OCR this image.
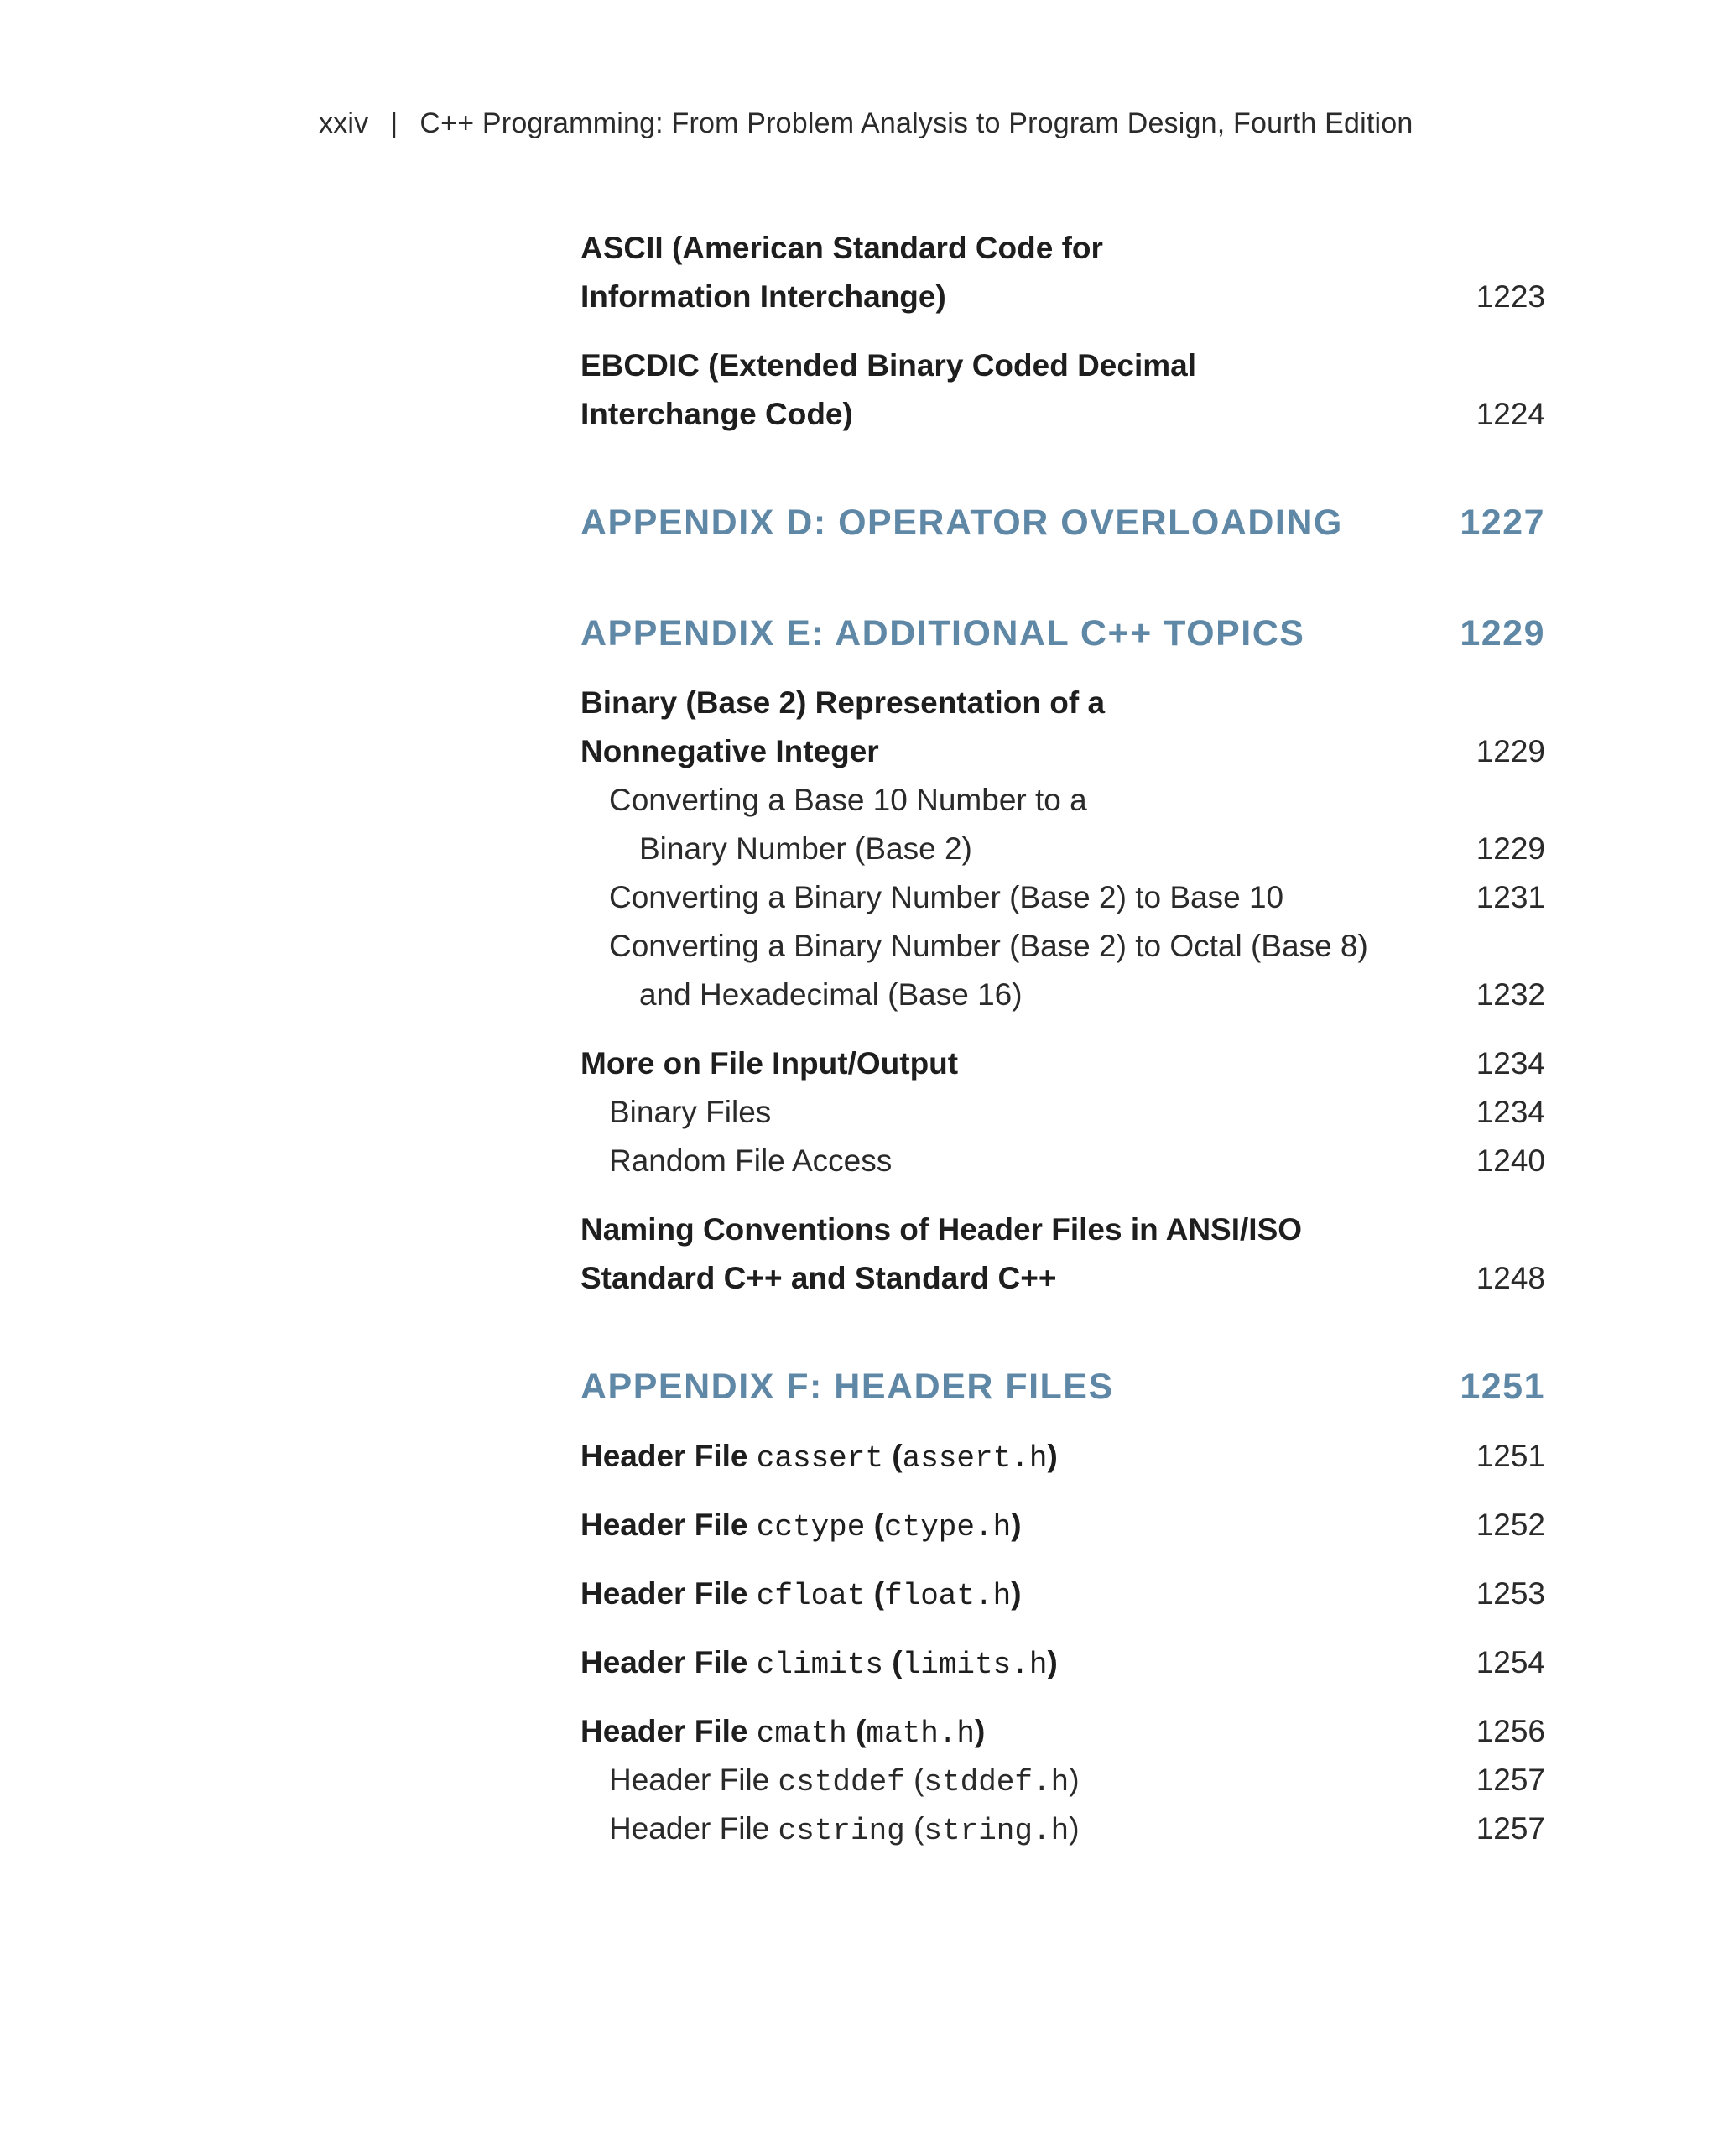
xxiv | C++ Programming: From Problem Analysis to Program Design, Fourth Edition
ASCII (American Standard Code for
Information Interchange)	1223
EBCDIC (Extended Binary Coded Decimal
Interchange Code)	1224
APPENDIX D: OPERATOR OVERLOADING	1227
APPENDIX E: ADDITIONAL C++ TOPICS	1229
Binary (Base 2) Representation of a
Nonnegative Integer	1229
Converting a Base 10 Number to a
Binary Number (Base 2)	1229
Converting a Binary Number (Base 2) to Base 10	1231
Converting a Binary Number (Base 2) to Octal (Base 8)
and Hexadecimal (Base 16)	1232
More on File Input/Output	1234
Binary Files	1234
Random File Access	1240
Naming Conventions of Header Files in ANSI/ISO
Standard C++ and Standard C++	1248
APPENDIX F: HEADER FILES	1251
Header File cassert (assert.h)	1251
Header File cctype (ctype.h)	1252
Header File cfloat (float.h)	1253
Header File climits (limits.h)	1254
Header File cmath (math.h)	1256
Header File cstddef (stddef.h)	1257
Header File cstring (string.h)	1257
